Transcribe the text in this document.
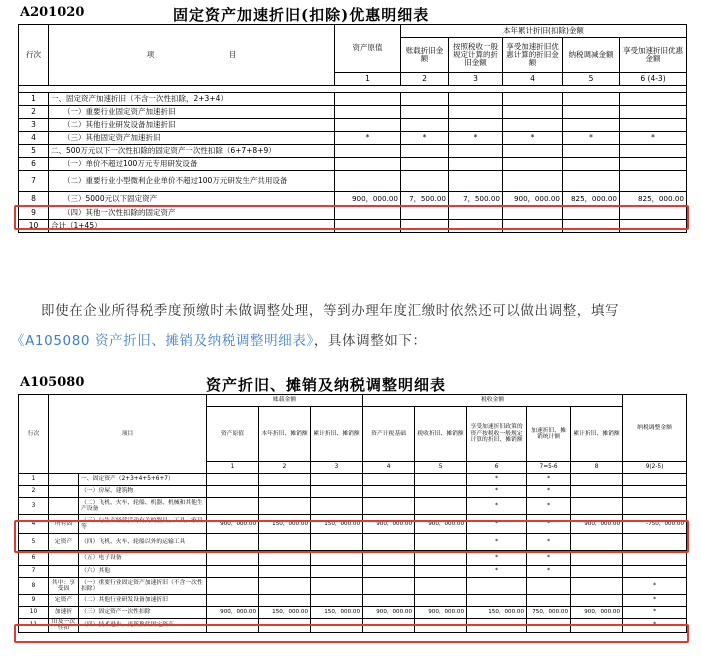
A201020	固定资产加速折旧(扣除)优惠明细表
行次	项 目	资产原值	本年累计折旧(扣除)金额				
			账载折旧金额	按照税收一般规定计算的折旧金额	享受加速折旧优惠计算的折旧金额	纳税调减金额	享受加速折旧优惠金额
		1	2	3	4	5	6 (4-3)

1	一、固定资产加速折旧（不含一次性扣除，2+3+4）						
2	（一）重要行业固定资产加速折旧						
3	（二）其他行业研发设备加速折旧						
4	（三）其他固定资产加速折旧	*	*	*	*	*	*
5	二、500万元以下一次性扣除的固定资产一次性扣除（6+7+8+9）						
6	（一）单价不超过100万元专用研发设备						
7	（二）重要行业小型微利企业单价不超过100万元研发生产共用设备						
8	（三）5000元以下固定资产	900，000.00	7，500.00	7，500.00	900，000.00	825，000.00	825，000.00
9	（四）其他一次性扣除的固定资产						
10	合计（1+45）						
即使在企业所得税季度预缴时未做调整处理，等到办理年度汇缴时依然还可以做出调整，填写《A105080 资产折旧、摊销及纳税调整明细表》，具体调整如下：
A105080	资产折旧、摊销及纳税调整明细表
行次	项目		账载金额			税收金额					纳税调整金额
			资产原值	本年折旧、摊销额	累计折旧、摊销额	资产计税基础	税收折旧、摊销额	享受加速折旧政策的资产按税收一般规定计算的折旧、摊销额	加速折旧、摊销统计额	累计折旧、摊销额	
			1	2	3	4	5	6	7=5-6	8	9(2-5)
1		一、固定资产（2+3+4+5+6+7）						*	*		
2		（一）房屋、建筑物						*	*		
3		（二）飞机、火车、轮船、机器、机械和其他生产设备						*	*		
4	所有固	（三）与生产经营活动有关的器具、工具、家具等	900，000.00	150，000.00	150，000.00	900，000.00	900，000.00	*	*	900，000.00	-750，000.00
5	定资产	（四）飞机、火车、轮船以外的运输工具						*	*		
6		（五）电子设备						*	*		
7		（六）其他						*	*		
8	其中：享受固	（一）重要行业固定资产加速折旧（不含一次性扣除）									*
9	定资产	（二）其他行业研发设备加速折旧									*
10	加速折	（三）固定资产一次性扣除	900，000.00	150，000.00	150，000.00	900，000.00	900，000.00	150，000.00	750，000.00	900，000.00	*
11	旧及一次性扣	（四）技术进步、更新换代固定资产									*
